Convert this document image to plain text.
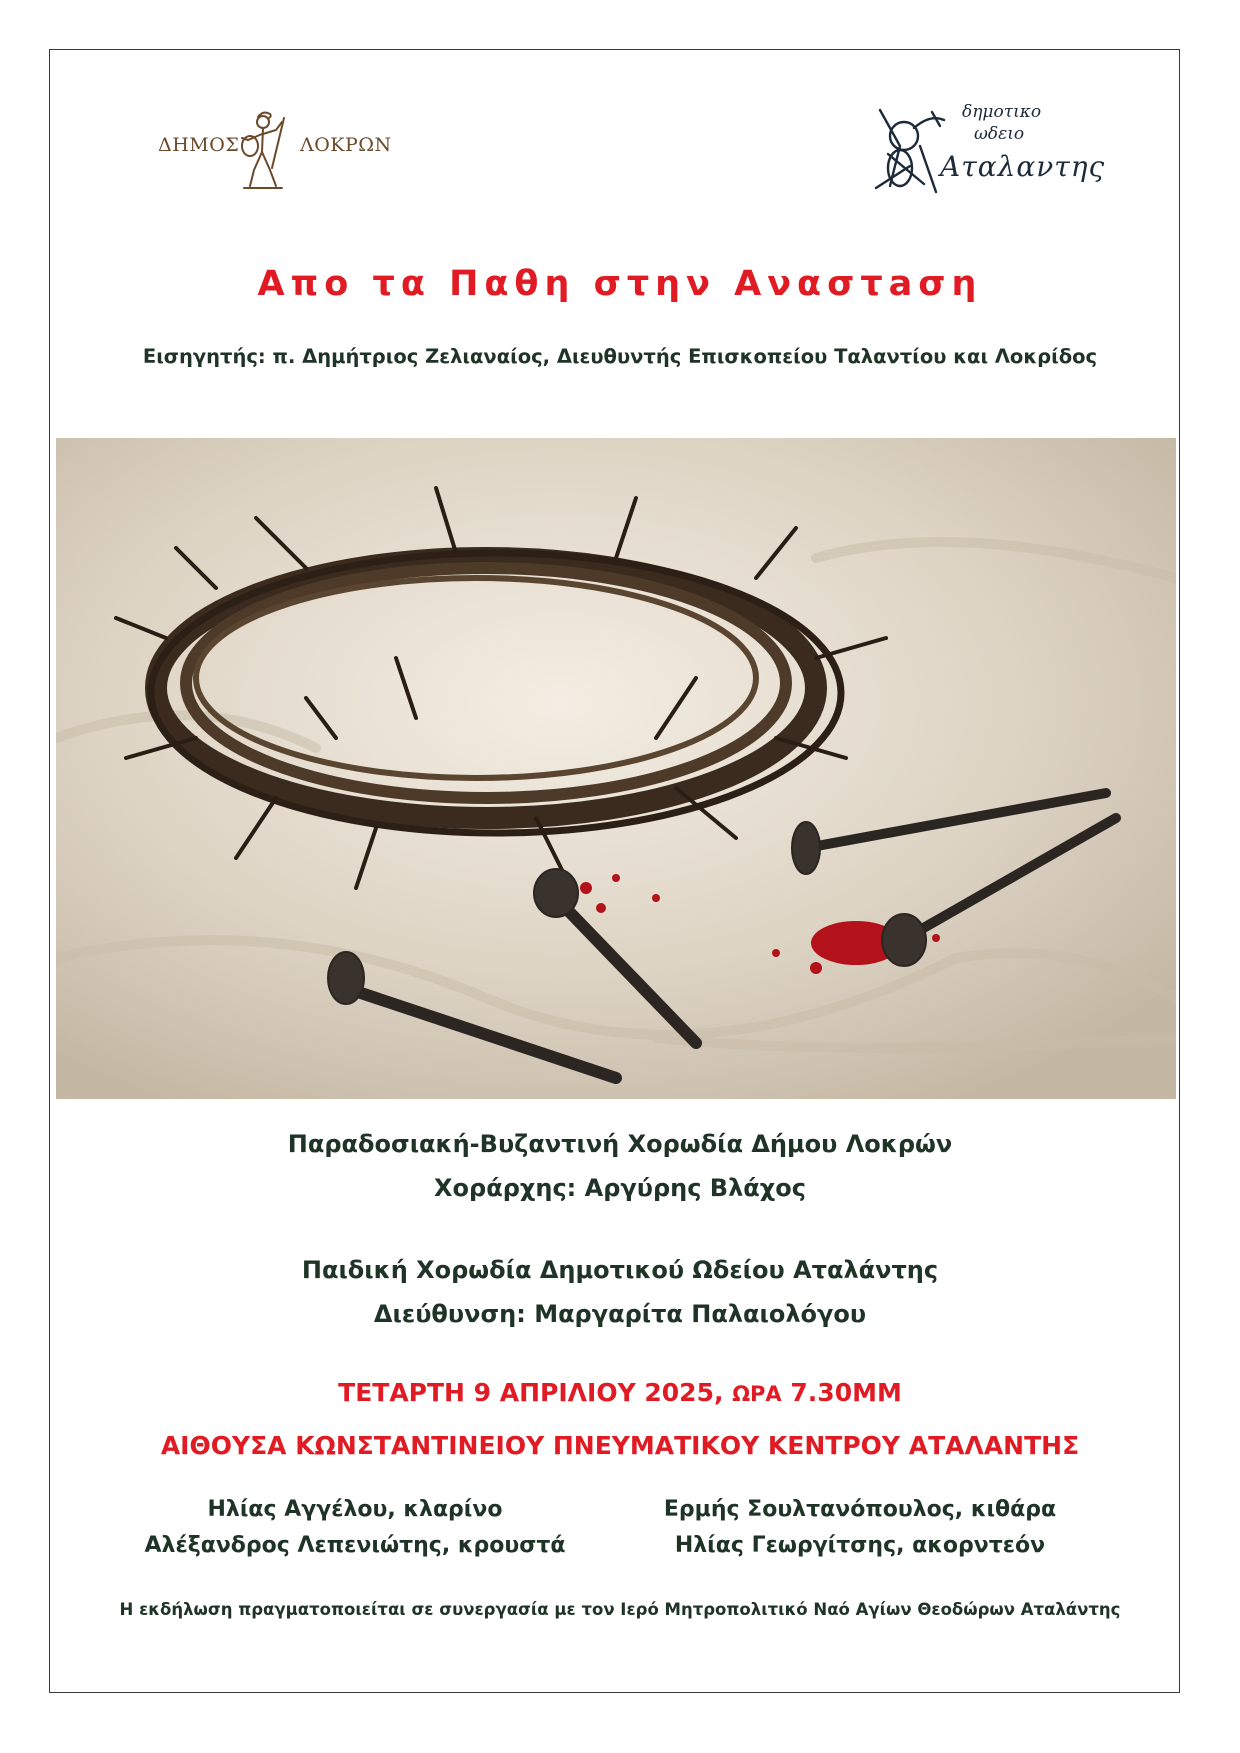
ΔΗΜΟΣ	ΛΟΚΡΩΝ
δημοτικο
ωδειο
Αταλαντης
Απο τα Παθη στην Αναστaση
Εισηγητής: π. Δημήτριος Ζελιαναίος, Διευθυντής Επισκοπείου Ταλαντίου και Λοκρίδος
Παραδοσιακή-Βυζαντινή Χορωδία Δήμου Λοκρών
Χοράρχης: Αργύρης Βλάχος
Παιδική Χορωδία Δημοτικού Ωδείου Αταλάντης
Διεύθυνση: Μαργαρίτα Παλαιολόγου
ΤΕΤΑΡΤΗ 9 ΑΠΡΙΛΙΟΥ 2025, ΩΡΑ 7.30ΜΜ
ΑΙΘΟΥΣΑ ΚΩΝΣΤΑΝΤΙΝΕΙΟΥ ΠΝΕΥΜΑΤΙΚΟΥ ΚΕΝΤΡΟΥ ΑΤΑΛΑΝΤΗΣ
Ηλίας Αγγέλου, κλαρίνο
Αλέξανδρος Λεπενιώτης, κρουστά
Ερμής Σουλτανόπουλος, κιθάρα
Ηλίας Γεωργίτσης, ακορντεόν
Η εκδήλωση πραγματοποιείται σε συνεργασία με τον Ιερό Μητροπολιτικό Ναό Αγίων Θεοδώρων Αταλάντης
